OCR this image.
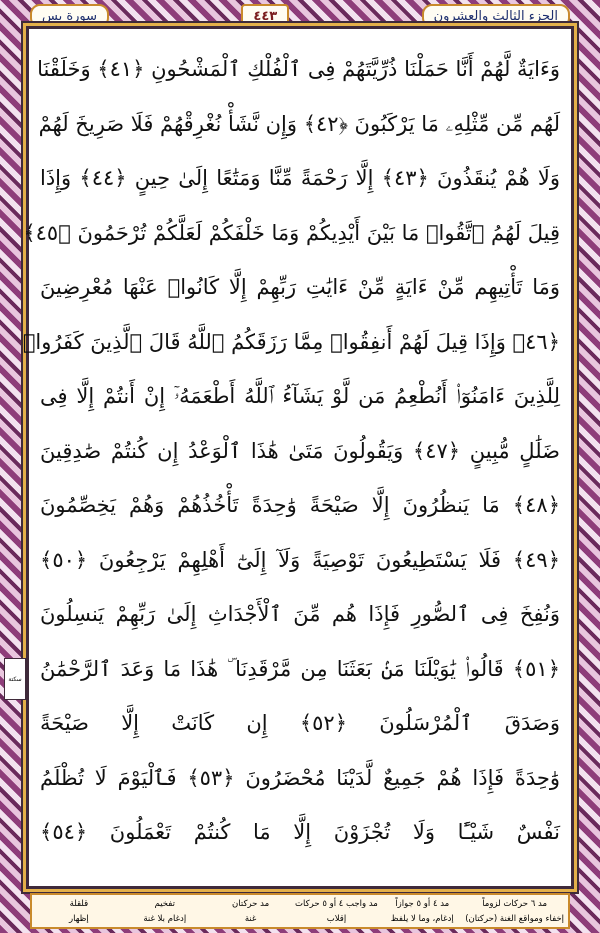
سورة يس	٤٤٣	الجزء الثالث والعشرون
وَءَايَةٌ لَّهُمْ أَنَّا حَمَلْنَا ذُرِّيَّتَهُمْ فِى ٱلْفُلْكِ ٱلْمَشْحُونِ ﴿٤١﴾ وَخَلَقْنَا
لَهُم مِّن مِّثْلِهِۦ مَا يَرْكَبُونَ ﴿٤٢﴾ وَإِن نَّشَأْ نُغْرِقْهُمْ فَلَا صَرِيخَ لَهُمْ
وَلَا هُمْ يُنقَذُونَ ﴿٤٣﴾ إِلَّا رَحْمَةً مِّنَّا وَمَتَٰعًا إِلَىٰ حِينٍ ﴿٤٤﴾ وَإِذَا
قِيلَ لَهُمُ ٱتَّقُوا۟ مَا بَيْنَ أَيْدِيكُمْ وَمَا خَلْفَكُمْ لَعَلَّكُمْ تُرْحَمُونَ ﴿٤٥﴾
وَمَا تَأْتِيهِم مِّنْ ءَايَةٍ مِّنْ ءَايَٰتِ رَبِّهِمْ إِلَّا كَانُوا۟ عَنْهَا مُعْرِضِينَ
﴿٤٦﴾ وَإِذَا قِيلَ لَهُمْ أَنفِقُوا۟ مِمَّا رَزَقَكُمُ ٱللَّهُ قَالَ ٱلَّذِينَ كَفَرُوا۟
لِلَّذِينَ ءَامَنُوٓا۟ أَنُطْعِمُ مَن لَّوْ يَشَآءُ ٱللَّهُ أَطْعَمَهُۥٓ إِنْ أَنتُمْ إِلَّا فِى
ضَلَٰلٍ مُّبِينٍ ﴿٤٧﴾ وَيَقُولُونَ مَتَىٰ هَٰذَا ٱلْوَعْدُ إِن كُنتُمْ صَٰدِقِينَ
﴿٤٨﴾ مَا يَنظُرُونَ إِلَّا صَيْحَةً وَٰحِدَةً تَأْخُذُهُمْ وَهُمْ يَخِصِّمُونَ
﴿٤٩﴾ فَلَا يَسْتَطِيعُونَ تَوْصِيَةً وَلَآ إِلَىٰٓ أَهْلِهِمْ يَرْجِعُونَ ﴿٥٠﴾
وَنُفِخَ فِى ٱلصُّورِ فَإِذَا هُم مِّنَ ٱلْأَجْدَاثِ إِلَىٰ رَبِّهِمْ يَنسِلُونَ
﴿٥١﴾ قَالُوا۟ يَٰوَيْلَنَا مَنۢ بَعَثَنَا مِن مَّرْقَدِنَا ۜ هَٰذَا مَا وَعَدَ ٱلرَّحْمَٰنُ
وَصَدَقَ ٱلْمُرْسَلُونَ ﴿٥٢﴾ إِن كَانَتْ إِلَّا صَيْحَةً
وَٰحِدَةً فَإِذَا هُمْ جَمِيعٌ لَّدَيْنَا مُحْضَرُونَ ﴿٥٣﴾ فَٱلْيَوْمَ لَا تُظْلَمُ
نَفْسٌ شَيْـًٔا وَلَا تُجْزَوْنَ إِلَّا مَا كُنتُمْ تَعْمَلُونَ ﴿٥٤﴾
سكتة
مد ٦ حركات لزوماً
مد ٤ أو ٥ جوازاً
مد واجب ٤ أو ٥ حركات
مد حركتان
تفخيم
قلقلة
إخفاء ومواقع الغنة (حركتان)
إدغام، وما لا يلفظ
إقلاب
غنة
إدغام بلا غنة
إظهار
